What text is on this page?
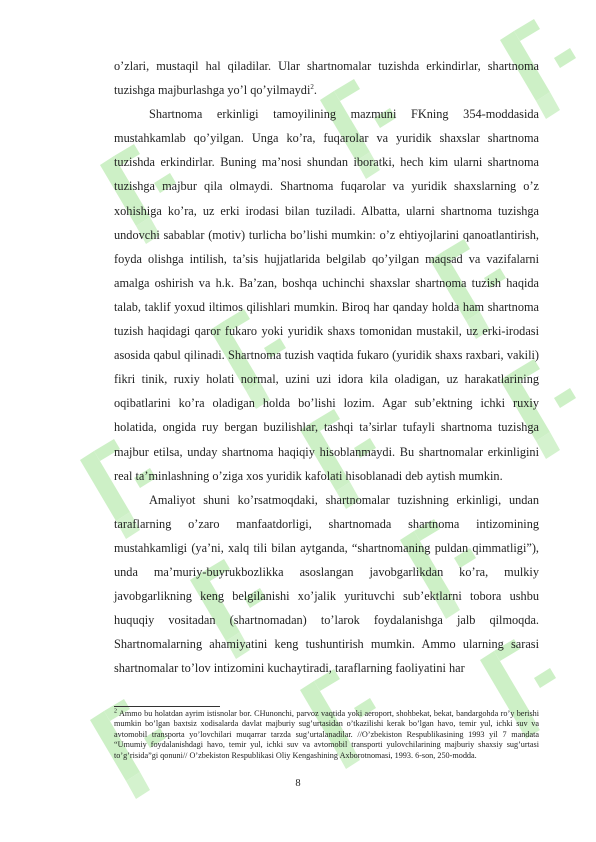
o’zlari, mustaqil hal qiladilar. Ular shartnomalar tuzishda erkindirlar, shartnoma tuzishga majburlashga yo’l qo’yilmaydi$^2$.

Shartnoma erkinligi tamoyilining mazmuni FKning 354-moddasida mustahkamlab qo’yilgan. Unga ko’ra, fuqarolar va yuridik shaxslar shartnoma tuzishda erkindirlar. Buning ma’nosi shundan iboratki, hech kim ularni shartnoma tuzishga majbur qila olmaydi. Shartnoma fuqarolar va yuridik shaxslarning o’z xohishiga ko’ra, uz erki irodasi bilan tuziladi. Albatta, ularni shartnoma tuzishga undovchi sabablar (motiv) turlicha bo’lishi mumkin: o’z ehtiyojlarini qanoatlantirish, foyda olishga intilish, ta’sis hujjatlarida belgilab qo’yilgan maqsad va vazifalarni amalga oshirish va h.k. Ba’zan, boshqa uchinchi shaxslar shartnoma tuzish haqida talab, taklif yoxud iltimos qilishlari mumkin. Biroq har qanday holda ham shartnoma tuzish haqidagi qaror fukaro yoki yuridik shaxs tomonidan mustakil, uz erki-irodasi asosida qabul qilinadi. Shartnoma tuzish vaqtida fukaro (yuridik shaxs raxbari, vakili) fikri tinik, ruxiy holati normal, uzini uzi idora kila oladigan, uz harakatlarining oqibatlarini ko’ra oladigan holda bo’lishi lozim. Agar sub’ektning ichki ruxiy holatida, ongida ruy bergan buzilishlar, tashqi ta’sirlar tufayli shartnoma tuzishga majbur etilsa, unday shartnoma haqiqiy hisoblanmaydi. Bu shartnomalar erkinligini real ta’minlashning o’ziga xos yuridik kafolati hisoblanadi deb aytish mumkin.

Amaliyot shuni ko’rsatmoqdaki, shartnomalar tuzishning erkinligi, undan taraflarning o’zaro manfaatdorligi, shartnomada shartnoma intizomining mustahkamligi (ya’ni, xalq tili bilan aytganda, “shartnomaning puldan qimmatligi”), unda ma’muriy-buyrukbozlikka asoslangan javobgarlikdan ko’ra, mulkiy javobgarlikning keng belgilanishi xo’jalik yurituvchi sub’ektlarni tobora ushbu huquqiy vositadan (shartnomadan) to’larok foydalanishga jalb qilmoqda. Shartnomalarning ahamiyatini keng tushuntirish mumkin. Ammo ularning sarasi shartnomalar to’lov intizomini kuchaytiradi, taraflarning faoliyatini har

$^2$ Ammo bu holatdan ayrim istisnolar bor. CHunonchi, parvoz vaqtida yoki aeroport, shohbekat, bekat, bandargohda ro’y berishi mumkin bo’lgan baxtsiz xodisalarda davlat majburiy sug’urtasidan o’tkazilishi kerak bo’lgan havo, temir yul, ichki suv va avtomobil transporta yo’lovchilari muqarrar tarzda sug’urtalanadilar. //O’zbekiston Respublikasining 1993 yil 7 mandata “Umumiy foydalanishdagi havo, temir yul, ichki suv va avtomobil transporti yulovchilarining majburiy shaxsiy sug’urtasi to’g’risida”gi qonuni// O’zbekiston Respublikasi Oliy Kengashining Axborotnomasi, 1993. 6-son, 250-modda.

8
